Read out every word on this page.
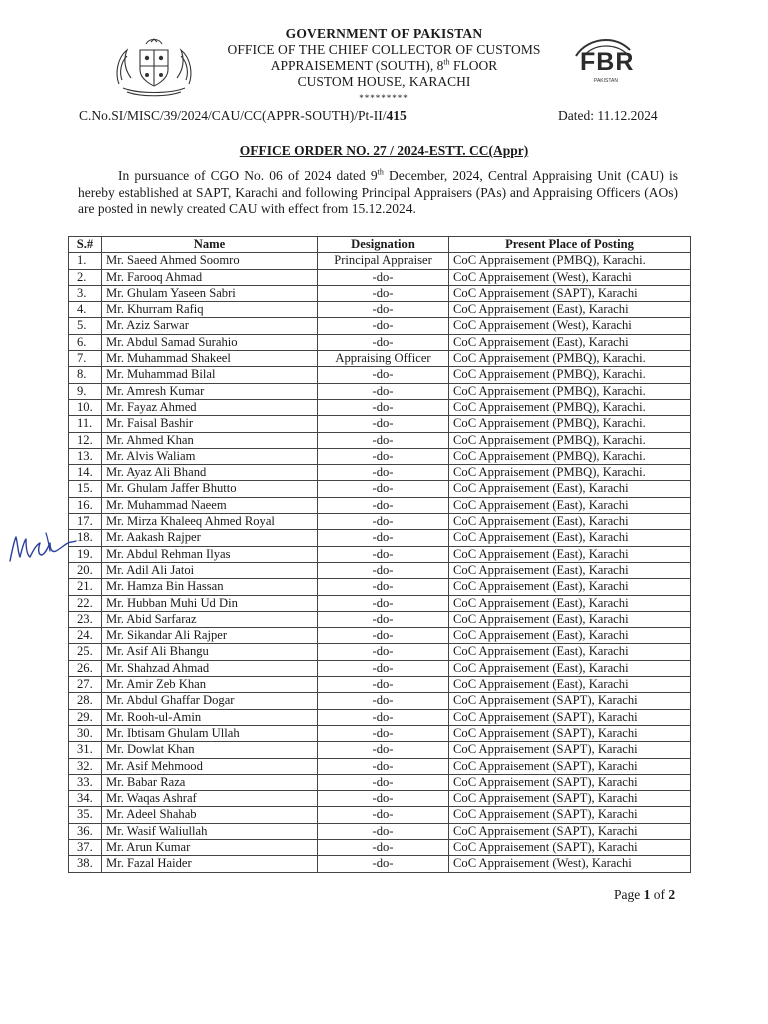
FBR
PAKISTAN
GOVERNMENT OF PAKISTAN
OFFICE OF THE CHIEF COLLECTOR OF CUSTOMS
APPRAISEMENT (SOUTH), 8th FLOOR
CUSTOM HOUSE, KARACHI
*********
C.No.SI/MISC/39/2024/CAU/CC(APPR-SOUTH)/Pt-II/415	Dated: 11.12.2024
OFFICE ORDER NO. 27 / 2024-ESTT. CC(Appr)
In pursuance of CGO No. 06 of 2024 dated 9th December, 2024, Central Appraising Unit (CAU) is hereby established at SAPT, Karachi and following Principal Appraisers (PAs) and Appraising Officers (AOs) are posted in newly created CAU with effect from 15.12.2024.
S.#	Name	Designation	Present Place of Posting
1.	Mr. Saeed Ahmed Soomro	Principal Appraiser	CoC Appraisement (PMBQ), Karachi.
2.	Mr. Farooq Ahmad	-do-	CoC Appraisement (West), Karachi
3.	Mr. Ghulam Yaseen Sabri	-do-	CoC Appraisement (SAPT), Karachi
4.	Mr. Khurram Rafiq	-do-	CoC Appraisement (East), Karachi
5.	Mr. Aziz Sarwar	-do-	CoC Appraisement (West), Karachi
6.	Mr. Abdul Samad Surahio	-do-	CoC Appraisement (East), Karachi
7.	Mr. Muhammad Shakeel	Appraising Officer	CoC Appraisement (PMBQ), Karachi.
8.	Mr. Muhammad Bilal	-do-	CoC Appraisement (PMBQ), Karachi.
9.	Mr. Amresh Kumar	-do-	CoC Appraisement (PMBQ), Karachi.
10.	Mr. Fayaz Ahmed	-do-	CoC Appraisement (PMBQ), Karachi.
11.	Mr. Faisal Bashir	-do-	CoC Appraisement (PMBQ), Karachi.
12.	Mr. Ahmed Khan	-do-	CoC Appraisement (PMBQ), Karachi.
13.	Mr. Alvis Waliam	-do-	CoC Appraisement (PMBQ), Karachi.
14.	Mr. Ayaz Ali Bhand	-do-	CoC Appraisement (PMBQ), Karachi.
15.	Mr. Ghulam Jaffer Bhutto	-do-	CoC Appraisement (East), Karachi
16.	Mr. Muhammad Naeem	-do-	CoC Appraisement (East), Karachi
17.	Mr. Mirza Khaleeq Ahmed Royal	-do-	CoC Appraisement (East), Karachi
18.	Mr. Aakash Rajper	-do-	CoC Appraisement (East), Karachi
19.	Mr. Abdul Rehman Ilyas	-do-	CoC Appraisement (East), Karachi
20.	Mr. Adil Ali Jatoi	-do-	CoC Appraisement (East), Karachi
21.	Mr. Hamza Bin Hassan	-do-	CoC Appraisement (East), Karachi
22.	Mr. Hubban Muhi Ud Din	-do-	CoC Appraisement (East), Karachi
23.	Mr. Abid Sarfaraz	-do-	CoC Appraisement (East), Karachi
24.	Mr. Sikandar Ali Rajper	-do-	CoC Appraisement (East), Karachi
25.	Mr. Asif Ali Bhangu	-do-	CoC Appraisement (East), Karachi
26.	Mr. Shahzad Ahmad	-do-	CoC Appraisement (East), Karachi
27.	Mr. Amir Zeb Khan	-do-	CoC Appraisement (East), Karachi
28.	Mr. Abdul Ghaffar Dogar	-do-	CoC Appraisement (SAPT), Karachi
29.	Mr. Rooh-ul-Amin	-do-	CoC Appraisement (SAPT), Karachi
30.	Mr. Ibtisam Ghulam Ullah	-do-	CoC Appraisement (SAPT), Karachi
31.	Mr. Dowlat Khan	-do-	CoC Appraisement (SAPT), Karachi
32.	Mr. Asif Mehmood	-do-	CoC Appraisement (SAPT), Karachi
33.	Mr. Babar Raza	-do-	CoC Appraisement (SAPT), Karachi
34.	Mr. Waqas Ashraf	-do-	CoC Appraisement (SAPT), Karachi
35.	Mr. Adeel Shahab	-do-	CoC Appraisement (SAPT), Karachi
36.	Mr. Wasif Waliullah	-do-	CoC Appraisement (SAPT), Karachi
37.	Mr. Arun Kumar	-do-	CoC Appraisement (SAPT), Karachi
38.	Mr. Fazal Haider	-do-	CoC Appraisement (West), Karachi
Page 1 of 2
